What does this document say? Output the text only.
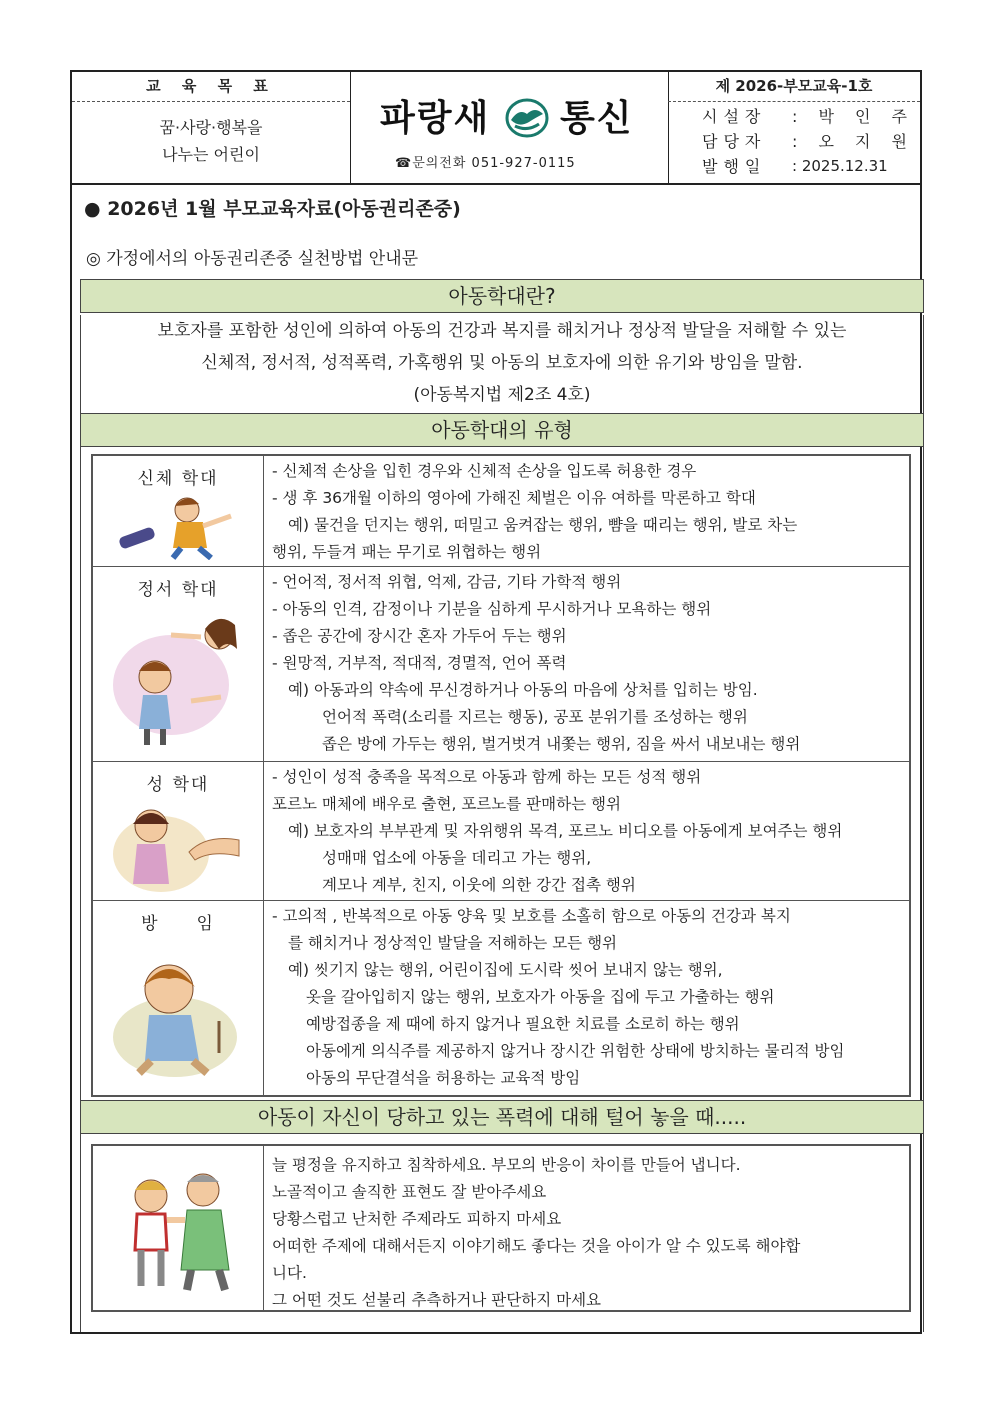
교 육 목 표
꿈·사랑·행복을
나누는 어린이
파랑새 통신
☎문의전화 051-927-0115
제 2026-부모교육-1호
시설장	: 박 인 주
담당자	: 오 지 원
발행일	: 2025.12.31
● 2026년 1월 부모교육자료(아동권리존중)
◎ 가정에서의 아동권리존중 실천방법 안내문
아동학대란?
보호자를 포함한 성인에 의하여 아동의 건강과 복지를 해치거나 정상적 발달을 저해할 수 있는
신체적, 정서적, 성적폭력, 가혹행위 및 아동의 보호자에 의한 유기와 방임을 말함.
(아동복지법 제2조 4호)
아동학대의 유형
신체 학대	- 신체적 손상을 입힌 경우와 신체적 손상을 입도록 허용한 경우
- 생 후 36개월 이하의 영아에 가해진 체벌은 이유 여하를 막론하고 학대
예) 물건을 던지는 행위, 떠밀고 움켜잡는 행위, 뺨을 때리는 행위, 발로 차는
행위, 두들겨 패는 무기로 위협하는 행위
정서 학대	- 언어적, 정서적 위협, 억제, 감금, 기타 가학적 행위
- 아동의 인격, 감정이나 기분을 심하게 무시하거나 모욕하는 행위
- 좁은 공간에 장시간 혼자 가두어 두는 행위
- 원망적, 거부적, 적대적, 경멸적, 언어 폭력
예) 아동과의 약속에 무신경하거나 아동의 마음에 상처를 입히는 방임.
언어적 폭력(소리를 지르는 행동), 공포 분위기를 조성하는 행위
좁은 방에 가두는 행위, 벌거벗겨 내쫓는 행위, 짐을 싸서 내보내는 행위
성 학대	- 성인이 성적 충족을 목적으로 아동과 함께 하는 모든 성적 행위
포르노 매체에 배우로 출현, 포르노를 판매하는 행위
예) 보호자의 부부관계 및 자위행위 목격, 포르노 비디오를 아동에게 보여주는 행위
성매매 업소에 아동을 데리고 가는 행위,
계모나 계부, 친지, 이웃에 의한 강간 접촉 행위
방     임	- 고의적 , 반복적으로 아동 양육 및 보호를 소홀히 함으로 아동의 건강과 복지
를 해치거나 정상적인 발달을 저해하는 모든 행위
예) 씻기지 않는 행위, 어린이집에 도시락 씻어 보내지 않는 행위,
옷을 갈아입히지 않는 행위, 보호자가 아동을 집에 두고 가출하는 행위
예방접종을 제 때에 하지 않거나 필요한 치료를 소로히 하는 행위
아동에게 의식주를 제공하지 않거나 장시간 위험한 상태에 방치하는 물리적 방임
아동의 무단결석을 허용하는 교육적 방임
아동이 자신이 당하고 있는 폭력에 대해 털어 놓을 때.....
늘 평정을 유지하고 침착하세요. 부모의 반응이 차이를 만들어 냅니다.
노골적이고 솔직한 표현도 잘 받아주세요
당황스럽고 난처한 주제라도 피하지 마세요
어떠한 주제에 대해서든지 이야기해도 좋다는 것을 아이가 알 수 있도록 해야합
니다.
그 어떤 것도 섣불리 추측하거나 판단하지 마세요
